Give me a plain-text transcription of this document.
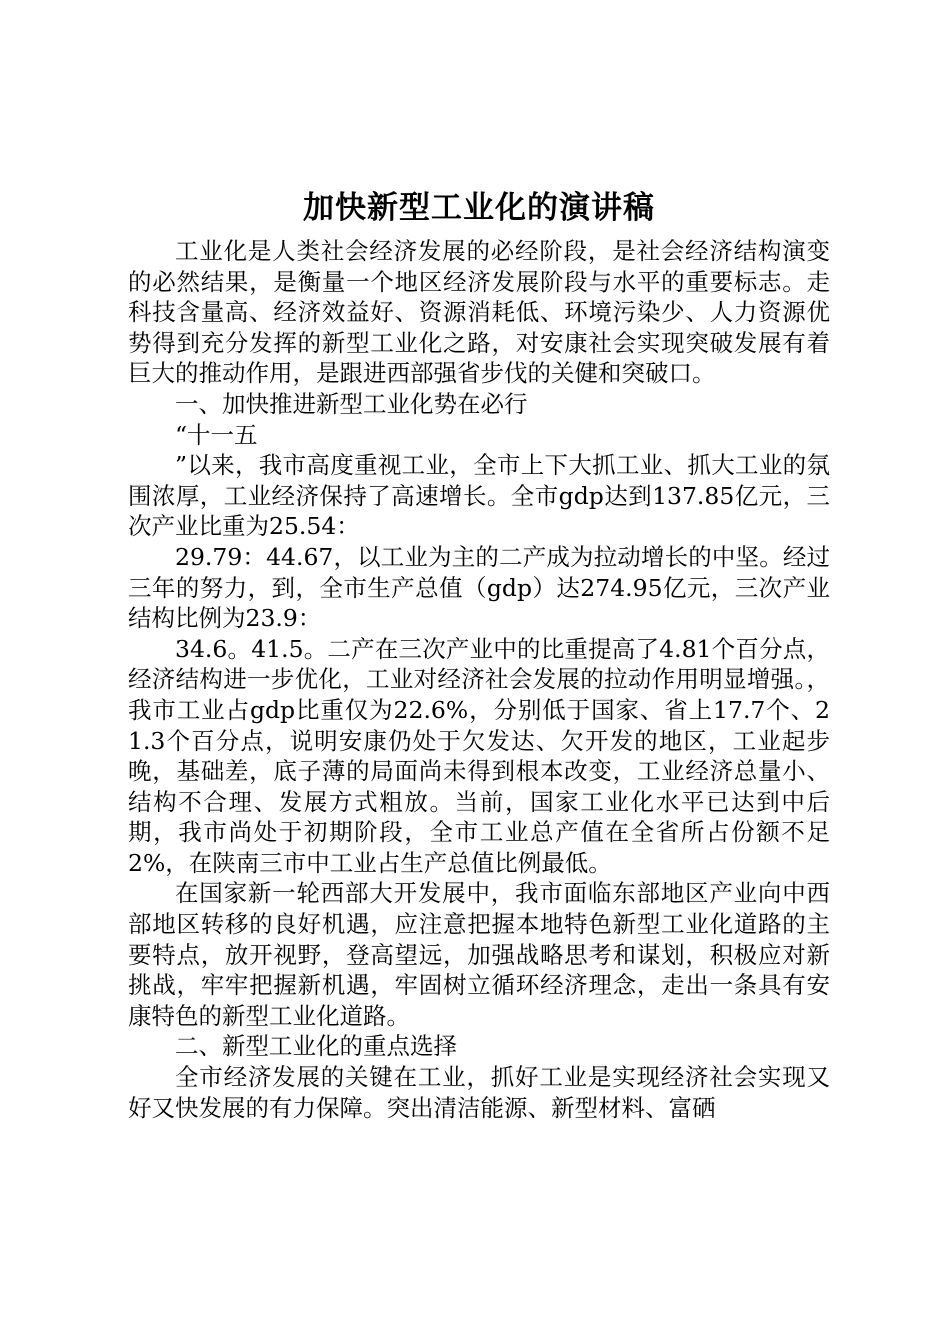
加快新型工业化的演讲稿

工业化是人类社会经济发展的必经阶段，是社会经济结构演变的必然结果，是衡量一个地区经济发展阶段与水平的重要标志。走科技含量高、经济效益好、资源消耗低、环境污染少、人力资源优势得到充分发挥的新型工业化之路，对安康社会实现突破发展有着巨大的推动作用，是跟进西部强省步伐的关健和突破口。

一、加快推进新型工业化势在必行

“十一五

”以来，我市高度重视工业，全市上下大抓工业、抓大工业的氛围浓厚，工业经济保持了高速增长。全市gdp达到137.85亿元，三次产业比重为25.54：

29.79：44.67，以工业为主的二产成为拉动增长的中坚。经过三年的努力，到，全市生产总值（gdp）达274.95亿元，三次产业结构比例为23.9：

34.6。41.5。二产在三次产业中的比重提高了4.81个百分点，经济结构进一步优化，工业对经济社会发展的拉动作用明显增强。，我市工业占gdp比重仅为22.6%，分别低于国家、省上17.7个、21.3个百分点，说明安康仍处于欠发达、欠开发的地区，工业起步晚，基础差，底子薄的局面尚未得到根本改变，工业经济总量小、结构不合理、发展方式粗放。当前，国家工业化水平已达到中后期，我市尚处于初期阶段，全市工业总产值在全省所占份额不足2%，在陕南三市中工业占生产总值比例最低。

在国家新一轮西部大开发展中，我市面临东部地区产业向中西部地区转移的良好机遇，应注意把握本地特色新型工业化道路的主要特点，放开视野，登高望远，加强战略思考和谋划，积极应对新挑战，牢牢把握新机遇，牢固树立循环经济理念，走出一条具有安康特色的新型工业化道路。

二、新型工业化的重点选择

全市经济发展的关键在工业，抓好工业是实现经济社会实现又好又快发展的有力保障。突出清洁能源、新型材料、富硒
